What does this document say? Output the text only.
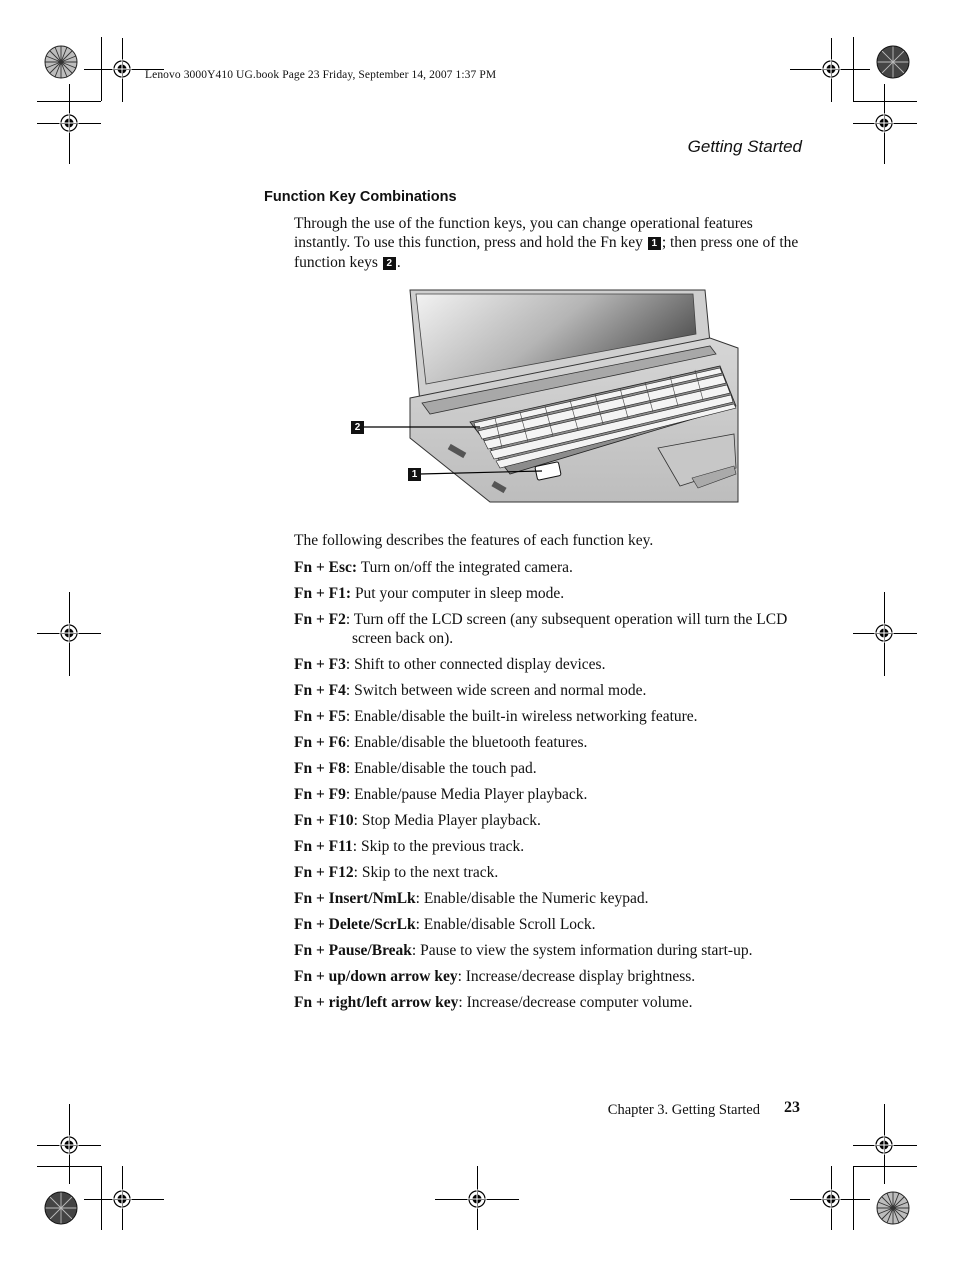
Lenovo 3000Y410 UG.book Page 23 Friday, September 14, 2007 1:37 PM
Getting Started
Function Key Combinations

Through the use of the function keys, you can change operational features instantly. To use this function, press and hold the Fn key 1 ; then press one of the function keys 2 .

2
1
The following describes the features of each function key.
Fn + Esc: Turn on/off the integrated camera.
Fn + F1: Put your computer in sleep mode.
Fn + F2: Turn off the LCD screen (any subsequent operation will turn the LCD screen back on).
Fn + F3: Shift to other connected display devices.
Fn + F4: Switch between wide screen and normal mode.
Fn + F5: Enable/disable the built-in wireless networking feature.
Fn + F6: Enable/disable the bluetooth features.
Fn + F8: Enable/disable the touch pad.
Fn + F9: Enable/pause Media Player playback.
Fn + F10: Stop Media Player playback.
Fn + F11: Skip to the previous track.
Fn + F12: Skip to the next track.
Fn + Insert/NmLk: Enable/disable the Numeric keypad.
Fn + Delete/ScrLk: Enable/disable Scroll Lock.
Fn + Pause/Break: Pause to view the system information during start-up.
Fn + up/down arrow key: Increase/decrease display brightness.
Fn + right/left arrow key: Increase/decrease computer volume.
Chapter 3. Getting Started 23
